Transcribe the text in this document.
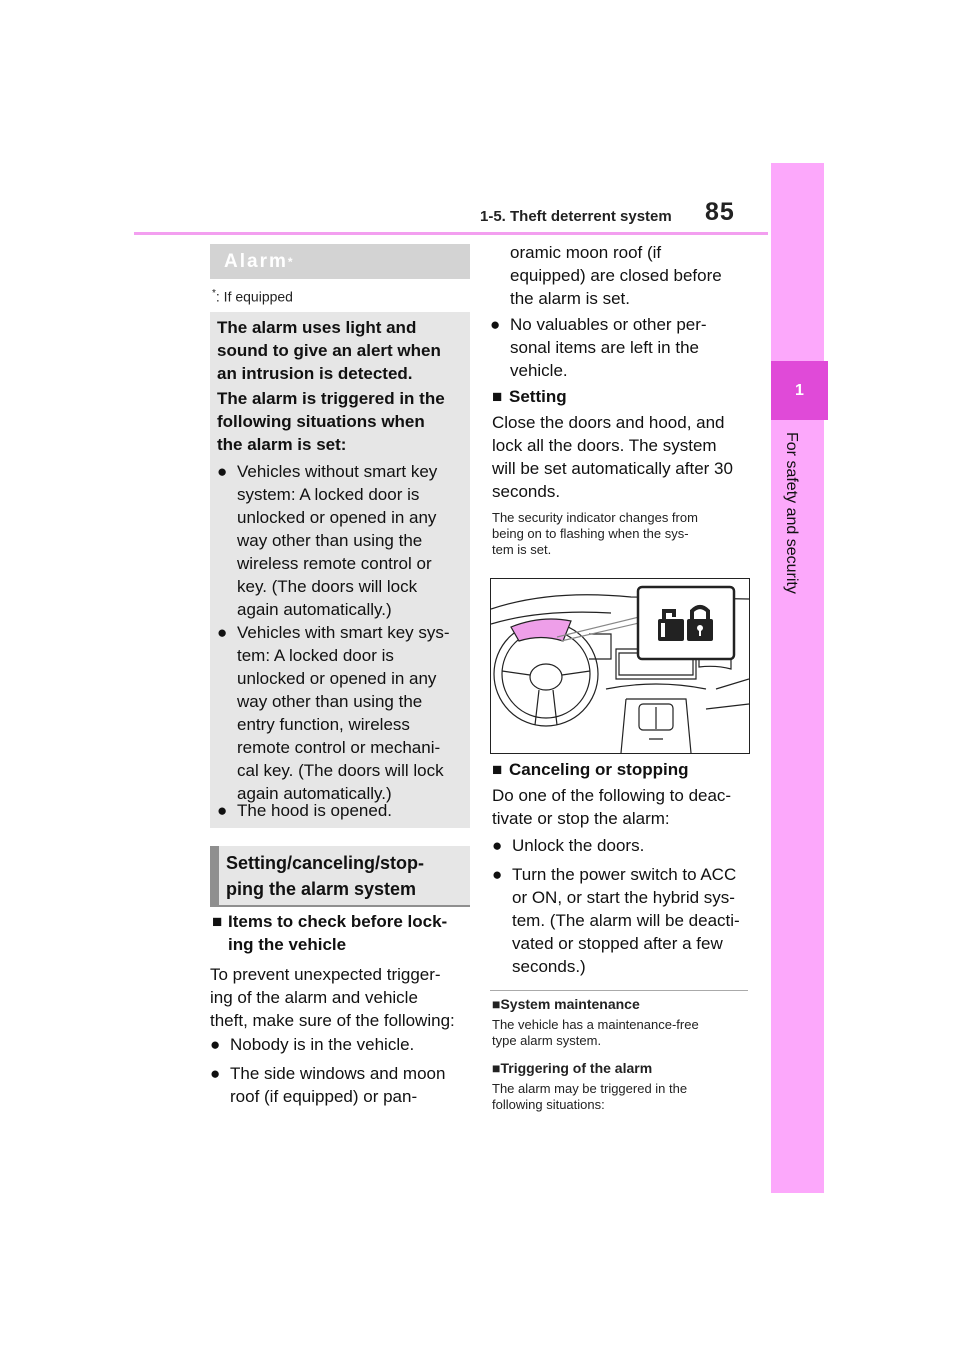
1-5. Theft deterrent system 85
1
For safety and security
Alarm *
*: If equipped
The alarm uses light and
sound to give an alert when
an intrusion is detected.
The alarm is triggered in the
following situations when
the alarm is set:
● Vehicles without smart key
system: A locked door is
unlocked or opened in any
way other than using the
wireless remote control or
key. (The doors will lock
again automatically.)
● Vehicles with smart key sys-
tem: A locked door is
unlocked or opened in any
way other than using the
entry function, wireless
remote control or mechani-
cal key. (The doors will lock
again automatically.)
● The hood is opened.
Setting/canceling/stop-
ping the alarm system
■ Items to check before lock-
ing the vehicle
To prevent unexpected trigger-
ing of the alarm and vehicle
theft, make sure of the following:
● Nobody is in the vehicle.
● The side windows and moon
roof (if equipped) or pan-
oramic moon roof (if
equipped) are closed before
the alarm is set.
● No valuables or other per-
sonal items are left in the
vehicle.
■ Setting
Close the doors and hood, and
lock all the doors. The system
will be set automatically after 30
seconds.
The security indicator changes from
being on to flashing when the sys-
tem is set.
■ Canceling or stopping
Do one of the following to deac-
tivate or stop the alarm:
● Unlock the doors.
● Turn the power switch to ACC
or ON, or start the hybrid sys-
tem. (The alarm will be deacti-
vated or stopped after a few
seconds.)
■System maintenance
The vehicle has a maintenance-free
type alarm system.
■Triggering of the alarm
The alarm may be triggered in the
following situations:
